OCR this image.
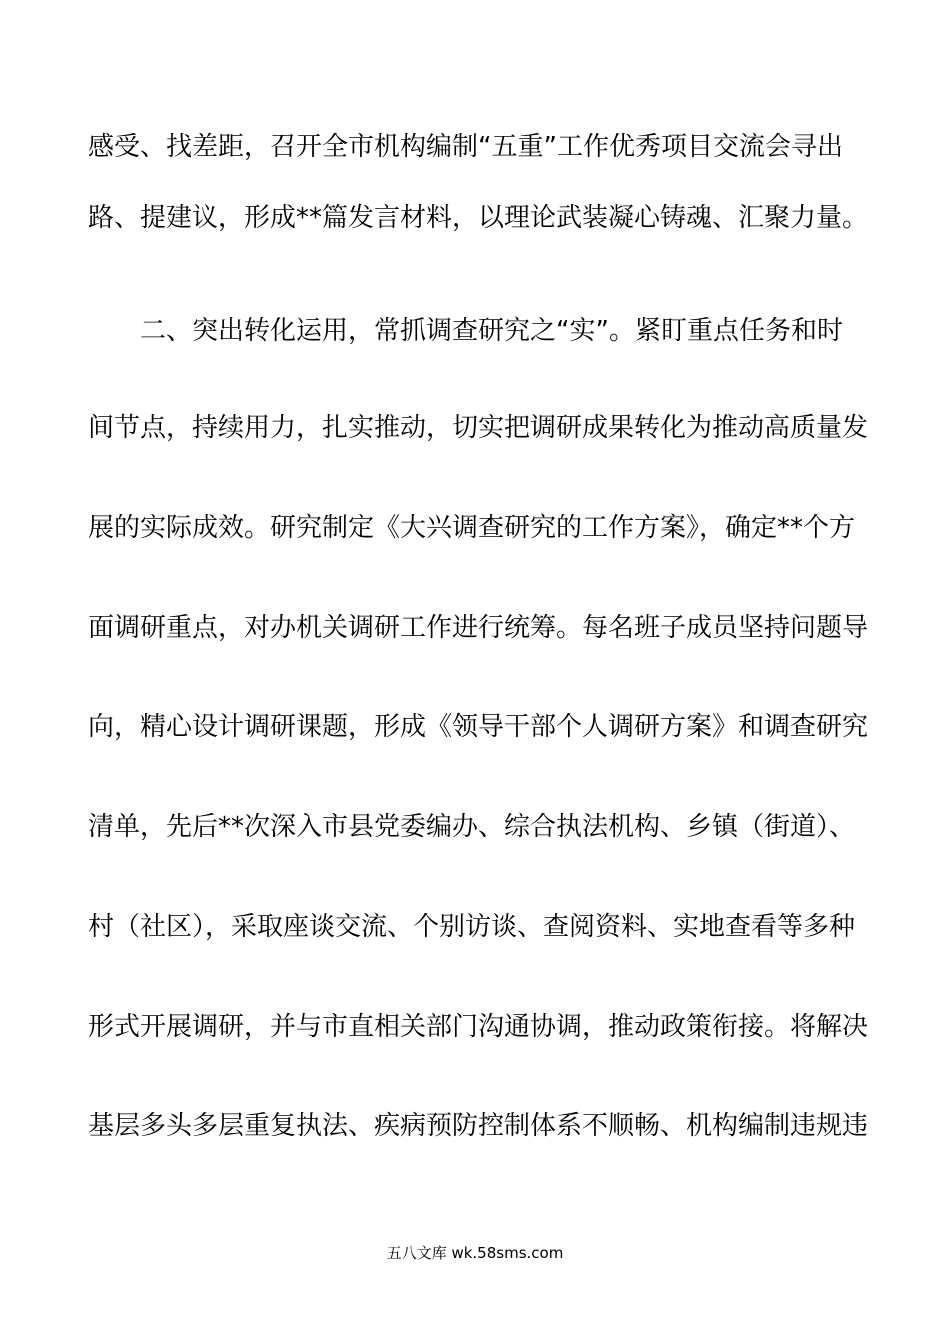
感受、找差距，召开全市机构编制“五重”工作优秀项目交流会寻出
路、提建议，形成**篇发言材料，以理论武装凝心铸魂、汇聚力量。
二、突出转化运用，常抓调查研究之“实”。紧盯重点任务和时
间节点，持续用力，扎实推动，切实把调研成果转化为推动高质量发
展的实际成效。研究制定《大兴调查研究的工作方案》，确定**个方
面调研重点，对办机关调研工作进行统筹。每名班子成员坚持问题导
向，精心设计调研课题，形成《领导干部个人调研方案》和调查研究
清单，先后**次深入市县党委编办、综合执法机构、乡镇（街道）、
村（社区），采取座谈交流、个别访谈、查阅资料、实地查看等多种
形式开展调研，并与市直相关部门沟通协调，推动政策衔接。将解决
基层多头多层重复执法、疾病预防控制体系不顺畅、机构编制违规违
五八文库 wk.58sms.com
